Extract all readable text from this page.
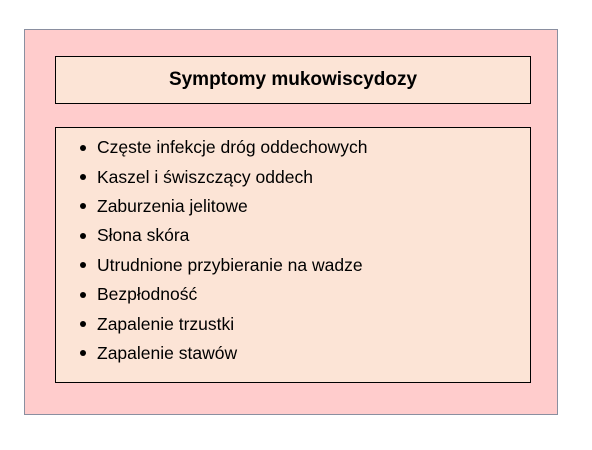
Symptomy mukowiscydozy
Częste infekcje dróg oddechowych
Kaszel i świszczący oddech
Zaburzenia jelitowe
Słona skóra
Utrudnione przybieranie na wadze
Bezpłodność
Zapalenie trzustki
Zapalenie stawów
